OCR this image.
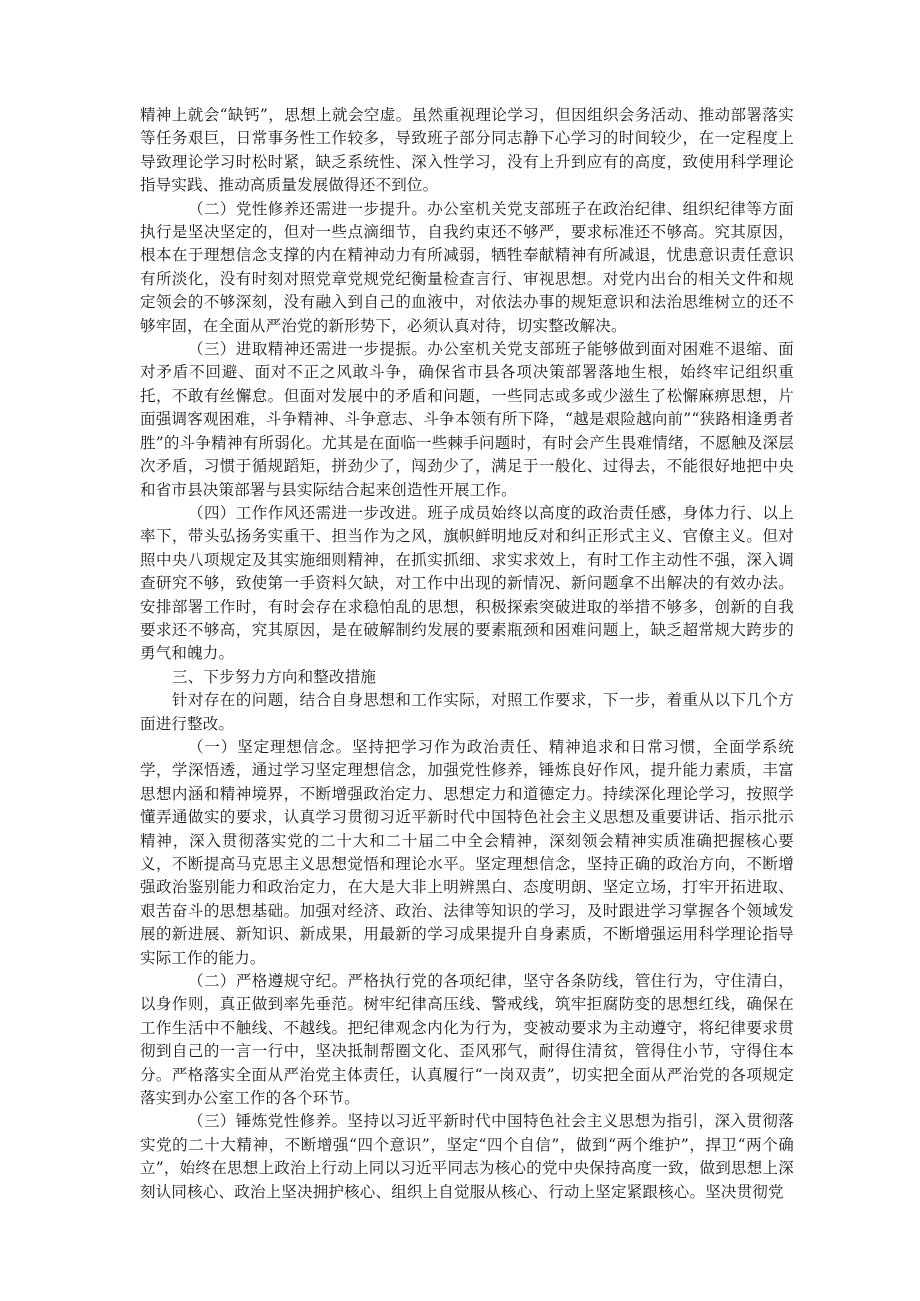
精神上就会“缺钙”，思想上就会空虚。虽然重视理论学习，但因组织会务活动、推动部署落实等任务艰巨，日常事务性工作较多，导致班子部分同志静下心学习的时间较少，在一定程度上导致理论学习时松时紧，缺乏系统性、深入性学习，没有上升到应有的高度，致使用科学理论指导实践、推动高质量发展做得还不到位。

（二）党性修养还需进一步提升。办公室机关党支部班子在政治纪律、组织纪律等方面执行是坚决坚定的，但对一些点滴细节，自我约束还不够严，要求标准还不够高。究其原因，根本在于理想信念支撑的内在精神动力有所减弱，牺牲奉献精神有所减退，忧患意识责任意识有所淡化，没有时刻对照党章党规党纪衡量检查言行、审视思想。对党内出台的相关文件和规定领会的不够深刻，没有融入到自己的血液中，对依法办事的规矩意识和法治思维树立的还不够牢固，在全面从严治党的新形势下，必须认真对待，切实整改解决。

（三）进取精神还需进一步提振。办公室机关党支部班子能够做到面对困难不退缩、面对矛盾不回避、面对不正之风敢斗争，确保省市县各项决策部署落地生根，始终牢记组织重托，不敢有丝懈怠。但面对发展中的矛盾和问题，一些同志或多或少滋生了松懈麻痹思想，片面强调客观困难，斗争精神、斗争意志、斗争本领有所下降，“越是艰险越向前”“狭路相逢勇者胜”的斗争精神有所弱化。尤其是在面临一些棘手问题时，有时会产生畏难情绪，不愿触及深层次矛盾，习惯于循规蹈矩，拼劲少了，闯劲少了，满足于一般化、过得去，不能很好地把中央和省市县决策部署与县实际结合起来创造性开展工作。

（四）工作作风还需进一步改进。班子成员始终以高度的政治责任感，身体力行、以上率下，带头弘扬务实重干、担当作为之风，旗帜鲜明地反对和纠正形式主义、官僚主义。但对照中央八项规定及其实施细则精神，在抓实抓细、求实求效上，有时工作主动性不强，深入调查研究不够，致使第一手资料欠缺，对工作中出现的新情况、新问题拿不出解决的有效办法。安排部署工作时，有时会存在求稳怕乱的思想，积极探索突破进取的举措不够多，创新的自我要求还不够高，究其原因，是在破解制约发展的要素瓶颈和困难问题上，缺乏超常规大跨步的勇气和魄力。

三、下步努力方向和整改措施

针对存在的问题，结合自身思想和工作实际，对照工作要求，下一步，着重从以下几个方面进行整改。

（一）坚定理想信念。坚持把学习作为政治责任、精神追求和日常习惯，全面学系统学，学深悟透，通过学习坚定理想信念，加强党性修养，锤炼良好作风，提升能力素质，丰富思想内涵和精神境界，不断增强政治定力、思想定力和道德定力。持续深化理论学习，按照学懂弄通做实的要求，认真学习贯彻习近平新时代中国特色社会主义思想及重要讲话、指示批示精神，深入贯彻落实党的二十大和二十届二中全会精神，深刻领会精神实质准确把握核心要义，不断提高马克思主义思想觉悟和理论水平。坚定理想信念，坚持正确的政治方向，不断增强政治鉴别能力和政治定力，在大是大非上明辨黑白、态度明朗、坚定立场，打牢开拓进取、艰苦奋斗的思想基础。加强对经济、政治、法律等知识的学习，及时跟进学习掌握各个领域发展的新进展、新知识、新成果，用最新的学习成果提升自身素质，不断增强运用科学理论指导实际工作的能力。

（二）严格遵规守纪。严格执行党的各项纪律，坚守各条防线，管住行为，守住清白，以身作则，真正做到率先垂范。树牢纪律高压线、警戒线，筑牢拒腐防变的思想红线，确保在工作生活中不触线、不越线。把纪律观念内化为行为，变被动要求为主动遵守，将纪律要求贯彻到自己的一言一行中，坚决抵制帮圈文化、歪风邪气，耐得住清贫，管得住小节，守得住本分。严格落实全面从严治党主体责任，认真履行“一岗双责”，切实把全面从严治党的各项规定落实到办公室工作的各个环节。

（三）锤炼党性修养。坚持以习近平新时代中国特色社会主义思想为指引，深入贯彻落实党的二十大精神，不断增强“四个意识”，坚定“四个自信”，做到“两个维护”，捍卫“两个确立”，始终在思想上政治上行动上同以习近平同志为核心的党中央保持高度一致，做到思想上深刻认同核心、政治上坚决拥护核心、组织上自觉服从核心、行动上坚定紧跟核心。坚决贯彻党
